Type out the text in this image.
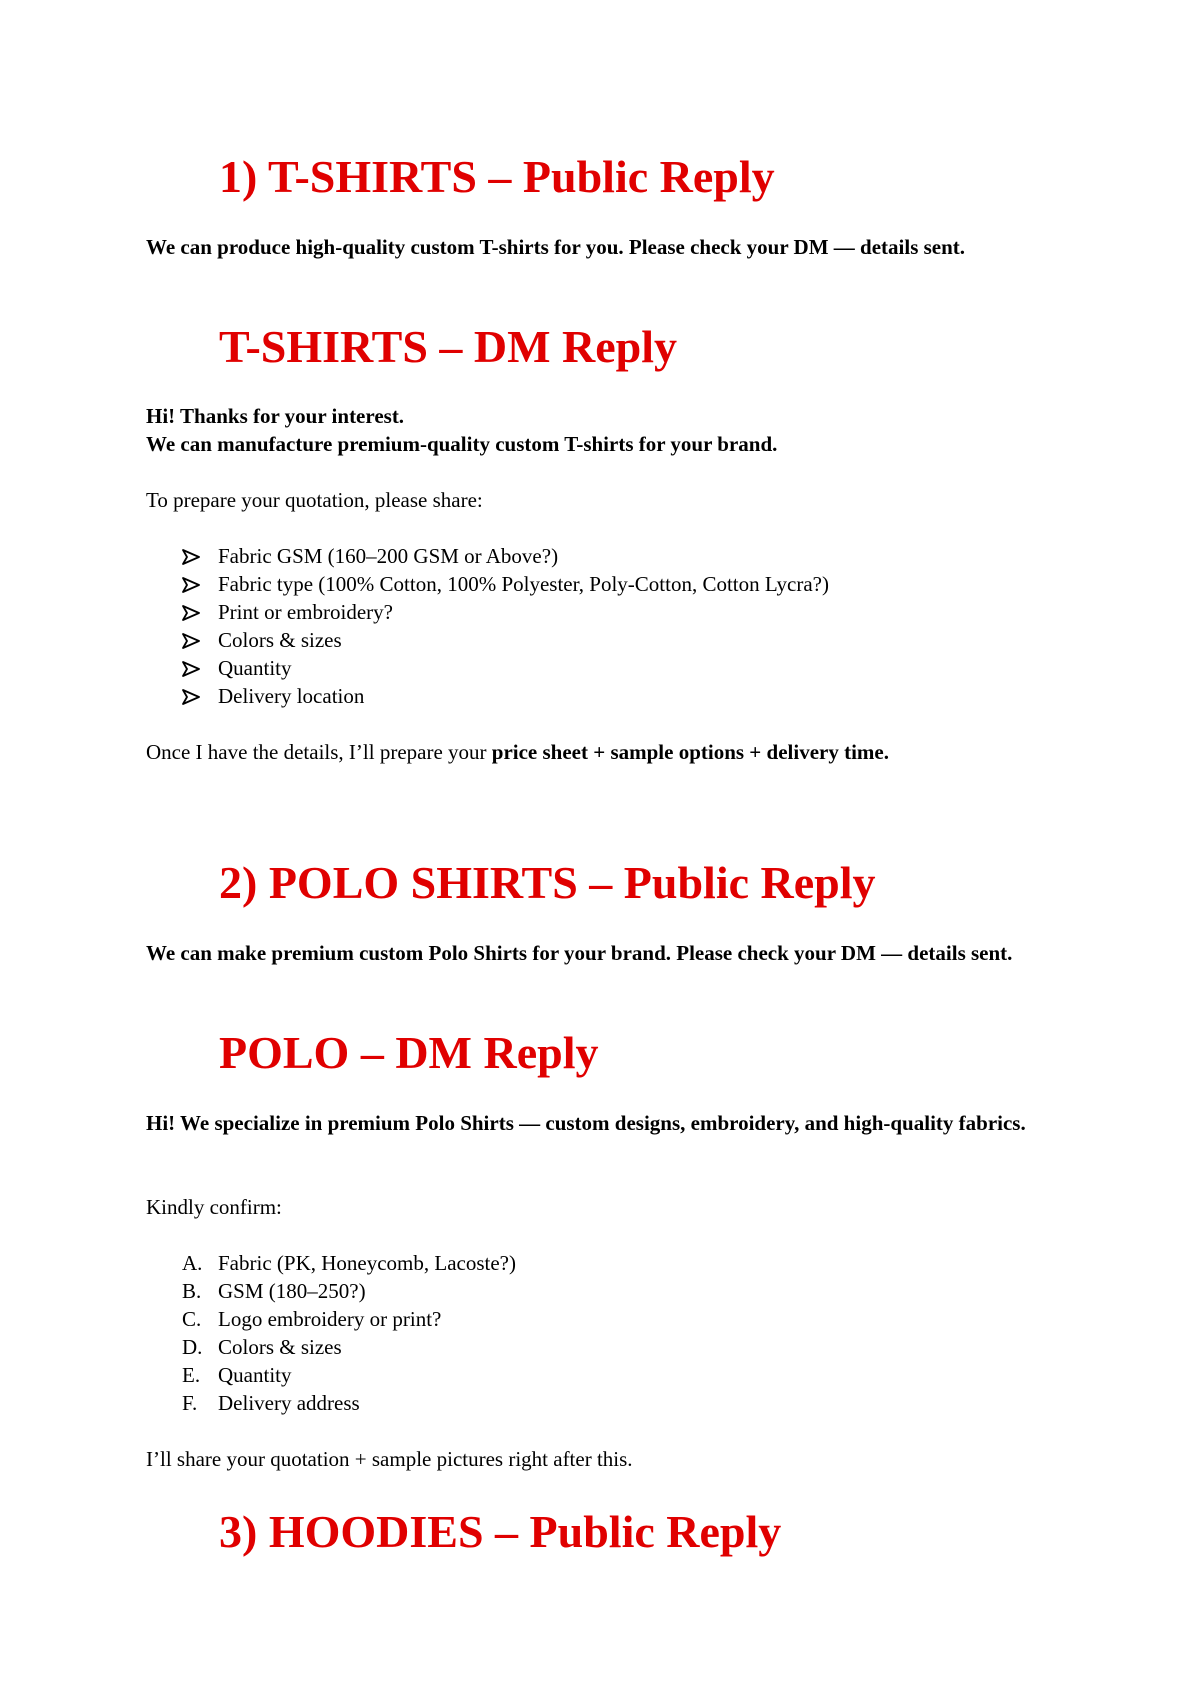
1) T-SHIRTS – Public Reply

We can produce high-quality custom T-shirts for you. Please check your DM — details sent.

T-SHIRTS – DM Reply

Hi! Thanks for your interest.

We can manufacture premium-quality custom T-shirts for your brand.

To prepare your quotation, please share:

Fabric GSM (160–200 GSM or Above?)
Fabric type (100% Cotton, 100% Polyester, Poly-Cotton, Cotton Lycra?)
Print or embroidery?
Colors & sizes
Quantity
Delivery location

Once I have the details, I’ll prepare your price sheet + sample options + delivery time.

2) POLO SHIRTS – Public Reply

We can make premium custom Polo Shirts for your brand. Please check your DM — details sent.

POLO – DM Reply

Hi! We specialize in premium Polo Shirts — custom designs, embroidery, and high-quality fabrics.

Kindly confirm:

A. Fabric (PK, Honeycomb, Lacoste?)
B. GSM (180–250?)
C. Logo embroidery or print?
D. Colors & sizes
E. Quantity
F. Delivery address

I’ll share your quotation + sample pictures right after this.

3) HOODIES – Public Reply
